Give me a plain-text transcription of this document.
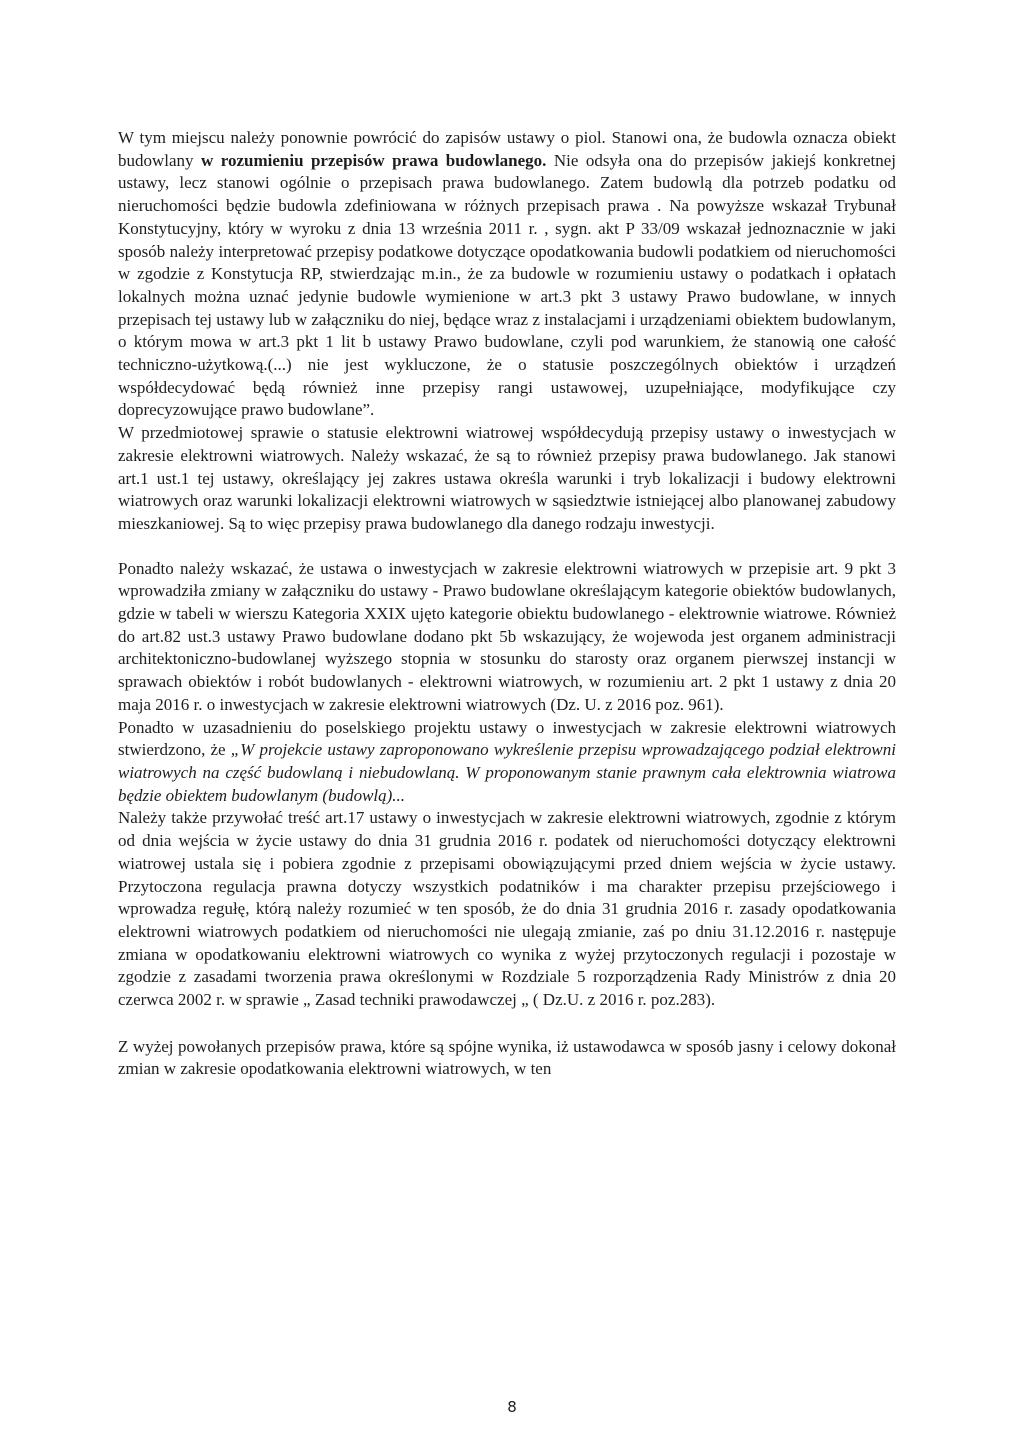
W tym miejscu należy ponownie powrócić do zapisów ustawy o piol. Stanowi ona, że budowla oznacza obiekt budowlany w rozumieniu przepisów prawa budowlanego. Nie odsyła ona do przepisów jakiejś konkretnej ustawy, lecz stanowi ogólnie o przepisach prawa budowlanego. Zatem budowlą dla potrzeb podatku od nieruchomości będzie budowla zdefiniowana w różnych przepisach prawa . Na powyższe wskazał Trybunał Konstytucyjny, który w wyroku z dnia 13 września 2011 r. , sygn. akt P 33/09 wskazał jednoznacznie w jaki sposób należy interpretować przepisy podatkowe dotyczące opodatkowania budowli podatkiem od nieruchomości w zgodzie z Konstytucja RP, stwierdzając m.in., że za budowle w rozumieniu ustawy o podatkach i opłatach lokalnych można uznać jedynie budowle wymienione w art.3 pkt 3 ustawy Prawo budowlane, w innych przepisach tej ustawy lub w załączniku do niej, będące wraz z instalacjami i urządzeniami obiektem budowlanym, o którym mowa w art.3 pkt 1 lit b ustawy Prawo budowlane, czyli pod warunkiem, że stanowią one całość techniczno-użytkową.(...) nie jest wykluczone, że o statusie poszczególnych obiektów i urządzeń współdecydować będą również inne przepisy rangi ustawowej, uzupełniające, modyfikujące czy doprecyzowujące prawo budowlane”.

W przedmiotowej sprawie o statusie elektrowni wiatrowej współdecydują przepisy ustawy o inwestycjach w zakresie elektrowni wiatrowych. Należy wskazać, że są to również przepisy prawa budowlanego. Jak stanowi art.1 ust.1 tej ustawy, określający jej zakres ustawa określa warunki i tryb lokalizacji i budowy elektrowni wiatrowych oraz warunki lokalizacji elektrowni wiatrowych w sąsiedztwie istniejącej albo planowanej zabudowy mieszkaniowej. Są to więc przepisy prawa budowlanego dla danego rodzaju inwestycji.

Ponadto należy wskazać, że ustawa o inwestycjach w zakresie elektrowni wiatrowych w przepisie art. 9 pkt 3 wprowadziła zmiany w załączniku do ustawy - Prawo budowlane określającym kategorie obiektów budowlanych, gdzie w tabeli w wierszu Kategoria XXIX ujęto kategorie obiektu budowlanego - elektrownie wiatrowe. Również do art.82 ust.3 ustawy Prawo budowlane dodano pkt 5b wskazujący, że wojewoda jest organem administracji architektoniczno-budowlanej wyższego stopnia w stosunku do starosty oraz organem pierwszej instancji w sprawach obiektów i robót budowlanych - elektrowni wiatrowych, w rozumieniu art. 2 pkt 1 ustawy z dnia 20 maja 2016 r. o inwestycjach w zakresie elektrowni wiatrowych (Dz. U. z 2016 poz. 961).

Ponadto w uzasadnieniu do poselskiego projektu ustawy o inwestycjach w zakresie elektrowni wiatrowych stwierdzono, że „W projekcie ustawy zaproponowano wykreślenie przepisu wprowadzającego podział elektrowni wiatrowych na część budowlaną i niebudowlaną. W proponowanym stanie prawnym cała elektrownia wiatrowa będzie obiektem budowlanym (budowlą)...

Należy także przywołać treść art.17 ustawy o inwestycjach w zakresie elektrowni wiatrowych, zgodnie z którym od dnia wejścia w życie ustawy do dnia 31 grudnia 2016 r. podatek od nieruchomości dotyczący elektrowni wiatrowej ustala się i pobiera zgodnie z przepisami obowiązującymi przed dniem wejścia w życie ustawy. Przytoczona regulacja prawna dotyczy wszystkich podatników i ma charakter przepisu przejściowego i wprowadza regułę, którą należy rozumieć w ten sposób, że do dnia 31 grudnia 2016 r. zasady opodatkowania elektrowni wiatrowych podatkiem od nieruchomości nie ulegają zmianie, zaś po dniu 31.12.2016 r. następuje zmiana w opodatkowaniu elektrowni wiatrowych co wynika z wyżej przytoczonych regulacji i pozostaje w zgodzie z zasadami tworzenia prawa określonymi w Rozdziale 5 rozporządzenia Rady Ministrów z dnia 20 czerwca 2002 r. w sprawie „ Zasad techniki prawodawczej „ ( Dz.U. z 2016 r. poz.283).

Z wyżej powołanych przepisów prawa, które są spójne wynika, iż ustawodawca w sposób jasny i celowy dokonał zmian w zakresie opodatkowania elektrowni wiatrowych, w ten

8
